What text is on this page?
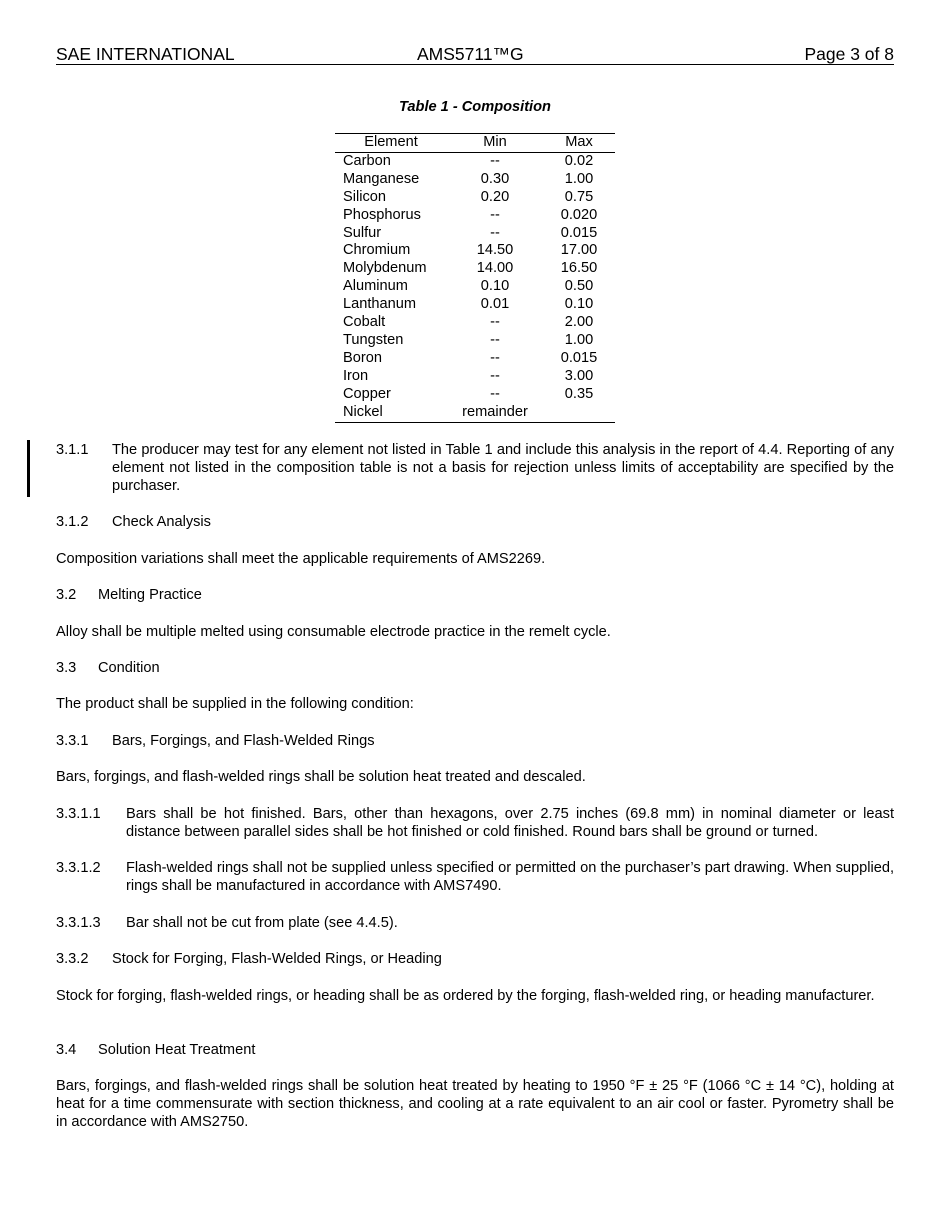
SAE INTERNATIONAL	AMS5711™G	Page 3 of 8
Table 1 - Composition
Element	Min	Max
Carbon	--	0.02
Manganese	0.30	1.00
Silicon	0.20	0.75
Phosphorus	--	0.020
Sulfur	--	0.015
Chromium	14.50	17.00
Molybdenum	14.00	16.50
Aluminum	0.10	0.50
Lanthanum	0.01	0.10
Cobalt	--	2.00
Tungsten	--	1.00
Boron	--	0.015
Iron	--	3.00
Copper	--	0.35
Nickel	remainder	
3.1.1 The producer may test for any element not listed in Table 1 and include this analysis in the report of 4.4. Reporting of any element not listed in the composition table is not a basis for rejection unless limits of acceptability are specified by the purchaser.
3.1.2 Check Analysis
Composition variations shall meet the applicable requirements of AMS2269.
3.2 Melting Practice
Alloy shall be multiple melted using consumable electrode practice in the remelt cycle.
3.3 Condition
The product shall be supplied in the following condition:
3.3.1 Bars, Forgings, and Flash-Welded Rings
Bars, forgings, and flash-welded rings shall be solution heat treated and descaled.
3.3.1.1 Bars shall be hot finished. Bars, other than hexagons, over 2.75 inches (69.8 mm) in nominal diameter or least distance between parallel sides shall be hot finished or cold finished. Round bars shall be ground or turned.
3.3.1.2 Flash-welded rings shall not be supplied unless specified or permitted on the purchaser’s part drawing. When supplied, rings shall be manufactured in accordance with AMS7490.
3.3.1.3 Bar shall not be cut from plate (see 4.4.5).
3.3.2 Stock for Forging, Flash-Welded Rings, or Heading
Stock for forging, flash-welded rings, or heading shall be as ordered by the forging, flash-welded ring, or heading manufacturer.
3.4 Solution Heat Treatment
Bars, forgings, and flash-welded rings shall be solution heat treated by heating to 1950 °F ± 25 °F (1066 °C ± 14 °C), holding at heat for a time commensurate with section thickness, and cooling at a rate equivalent to an air cool or faster. Pyrometry shall be in accordance with AMS2750.
